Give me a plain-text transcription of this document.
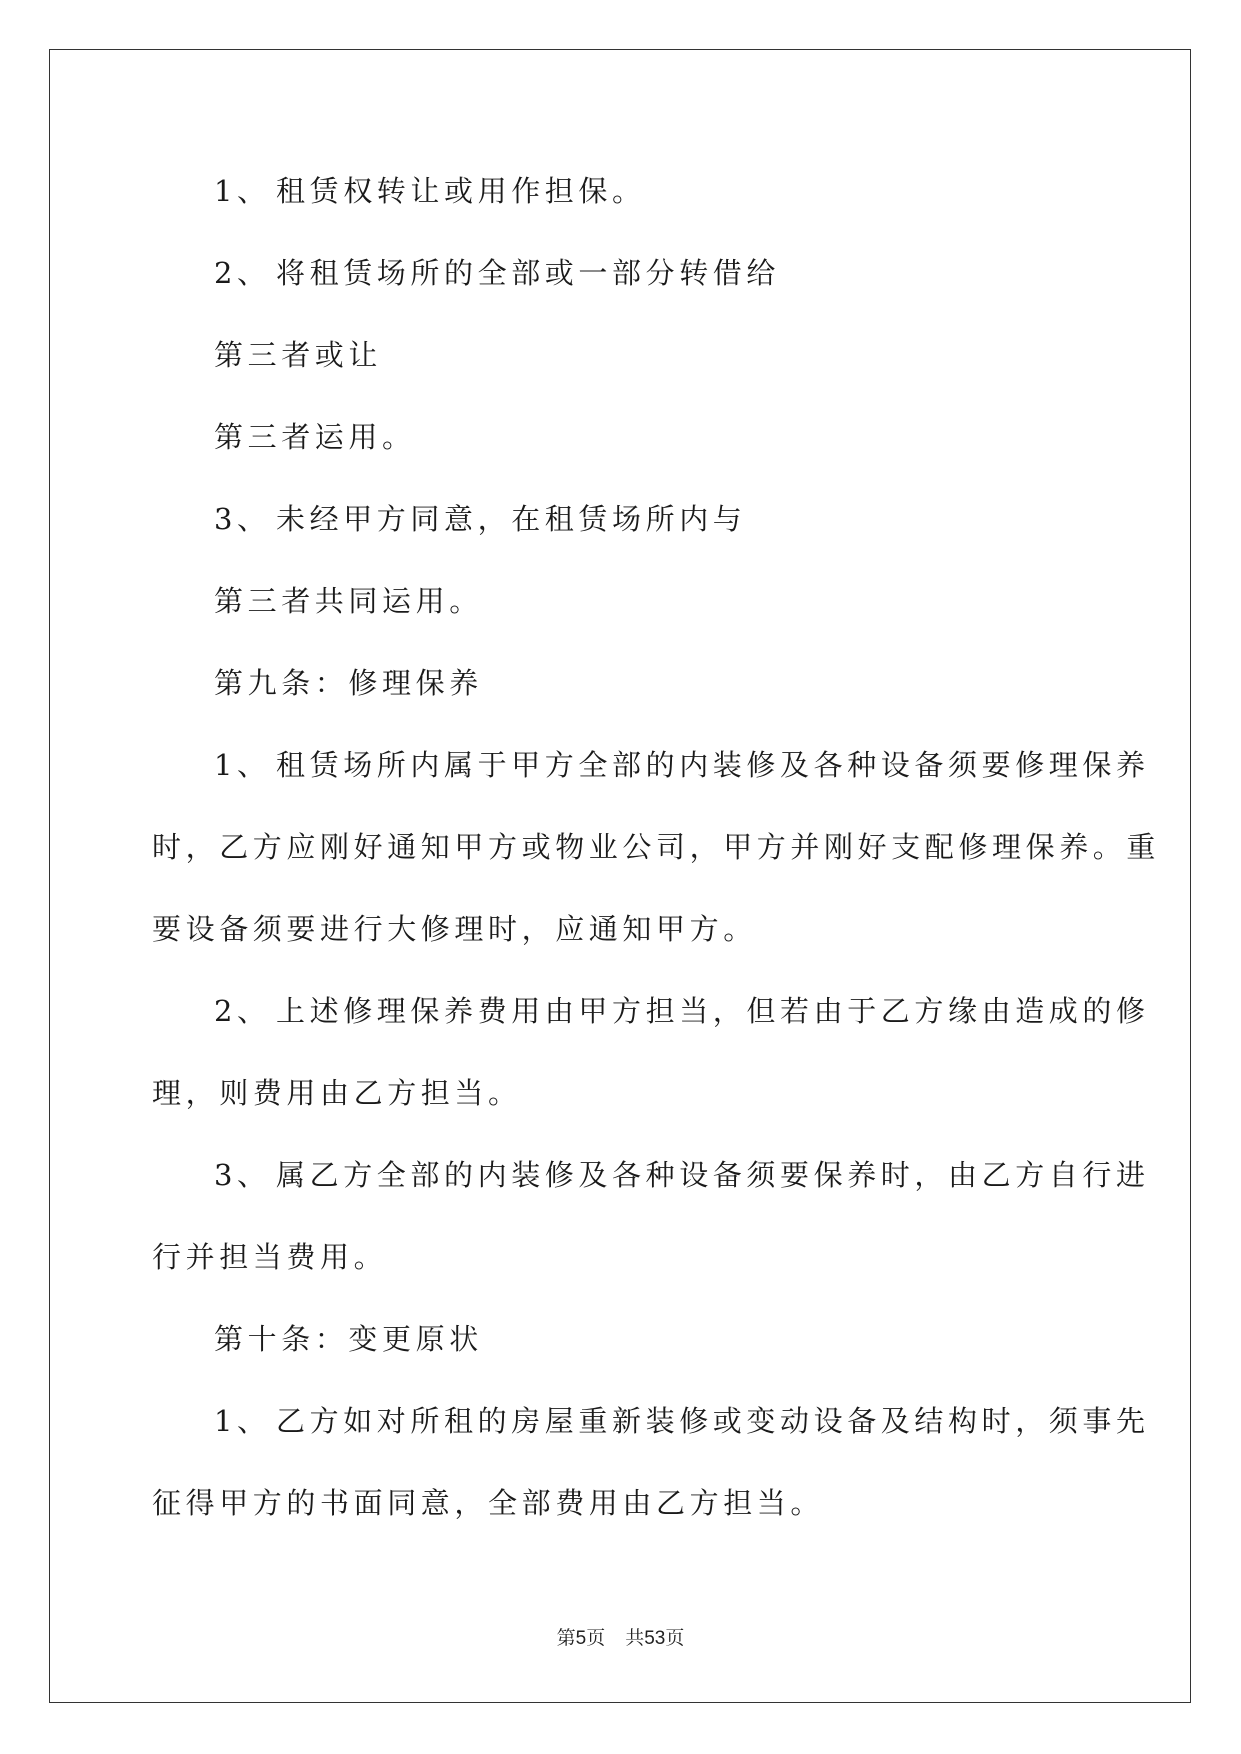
1、 租赁权转让或用作担保。
2、 将租赁场所的全部或一部分转借给
第三者或让
第三者运用。
3、 未经甲方同意，在租赁场所内与
第三者共同运用。
第九条：修理保养
1、 租赁场所内属于甲方全部的内装修及各种设备须要修理保养
时，乙方应刚好通知甲方或物业公司，甲方并刚好支配修理保养。重
要设备须要进行大修理时，应通知甲方。
2、 上述修理保养费用由甲方担当，但若由于乙方缘由造成的修
理，则费用由乙方担当。
3、 属乙方全部的内装修及各种设备须要保养时，由乙方自行进
行并担当费用。
第十条：变更原状
1、 乙方如对所租的房屋重新装修或变动设备及结构时，须事先
征得甲方的书面同意，全部费用由乙方担当。
第5页 共53页
